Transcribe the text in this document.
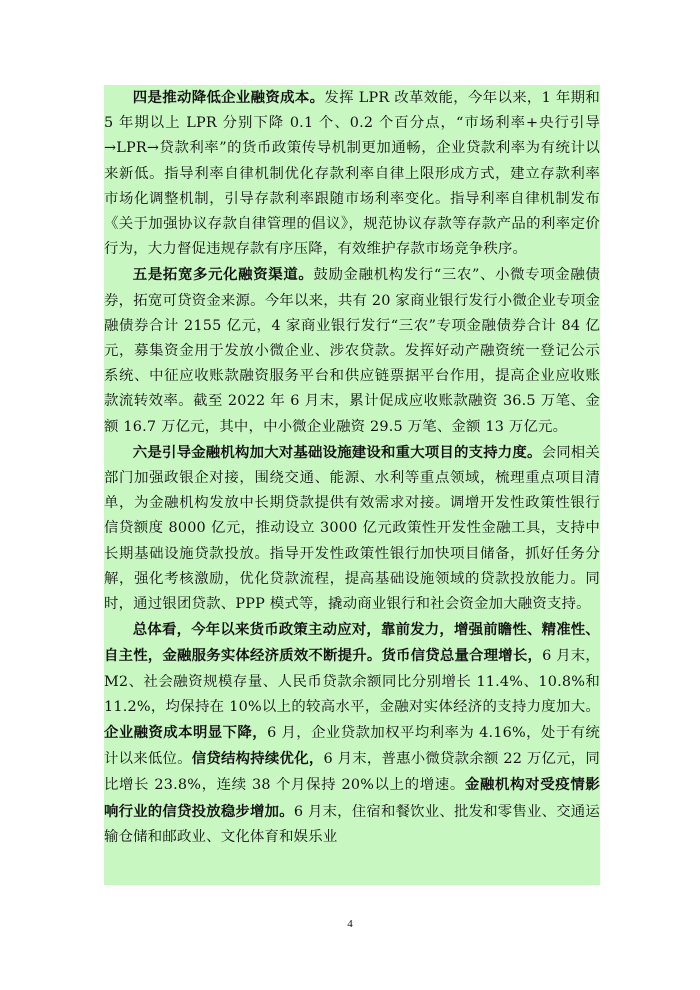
四是推动降低企业融资成本。发挥 LPR 改革效能，今年以来，1 年期和 5 年期以上 LPR 分别下降 0.1 个、0.2 个百分点，“市场利率+央行引导→LPR→贷款利率”的货币政策传导机制更加通畅，企业贷款利率为有统计以来新低。指导利率自律机制优化存款利率自律上限形成方式，建立存款利率市场化调整机制，引导存款利率跟随市场利率变化。指导利率自律机制发布《关于加强协议存款自律管理的倡议》，规范协议存款等存款产品的利率定价行为，大力督促违规存款有序压降，有效维护存款市场竞争秩序。

五是拓宽多元化融资渠道。鼓励金融机构发行“三农”、小微专项金融债券，拓宽可贷资金来源。今年以来，共有 20 家商业银行发行小微企业专项金融债券合计 2155 亿元，4 家商业银行发行“三农”专项金融债券合计 84 亿元，募集资金用于发放小微企业、涉农贷款。发挥好动产融资统一登记公示系统、中征应收账款融资服务平台和供应链票据平台作用，提高企业应收账款流转效率。截至 2022 年 6 月末，累计促成应收账款融资 36.5 万笔、金额 16.7 万亿元，其中，中小微企业融资 29.5 万笔、金额 13 万亿元。

六是引导金融机构加大对基础设施建设和重大项目的支持力度。会同相关部门加强政银企对接，围绕交通、能源、水利等重点领域，梳理重点项目清单，为金融机构发放中长期贷款提供有效需求对接。调增开发性政策性银行信贷额度 8000 亿元，推动设立 3000 亿元政策性开发性金融工具，支持中长期基础设施贷款投放。指导开发性政策性银行加快项目储备，抓好任务分解，强化考核激励，优化贷款流程，提高基础设施领域的贷款投放能力。同时，通过银团贷款、PPP 模式等，撬动商业银行和社会资金加大融资支持。

总体看，今年以来货币政策主动应对，靠前发力，增强前瞻性、精准性、自主性，金融服务实体经济质效不断提升。货币信贷总量合理增长，6 月末，M2、社会融资规模存量、人民币贷款余额同比分别增长 11.4%、10.8%和 11.2%，均保持在 10%以上的较高水平，金融对实体经济的支持力度加大。企业融资成本明显下降，6 月，企业贷款加权平均利率为 4.16%，处于有统计以来低位。信贷结构持续优化，6 月末，普惠小微贷款余额 22 万亿元，同比增长 23.8%，连续 38 个月保持 20%以上的增速。金融机构对受疫情影响行业的信贷投放稳步增加。6 月末，住宿和餐饮业、批发和零售业、交通运输仓储和邮政业、文化体育和娱乐业

4
